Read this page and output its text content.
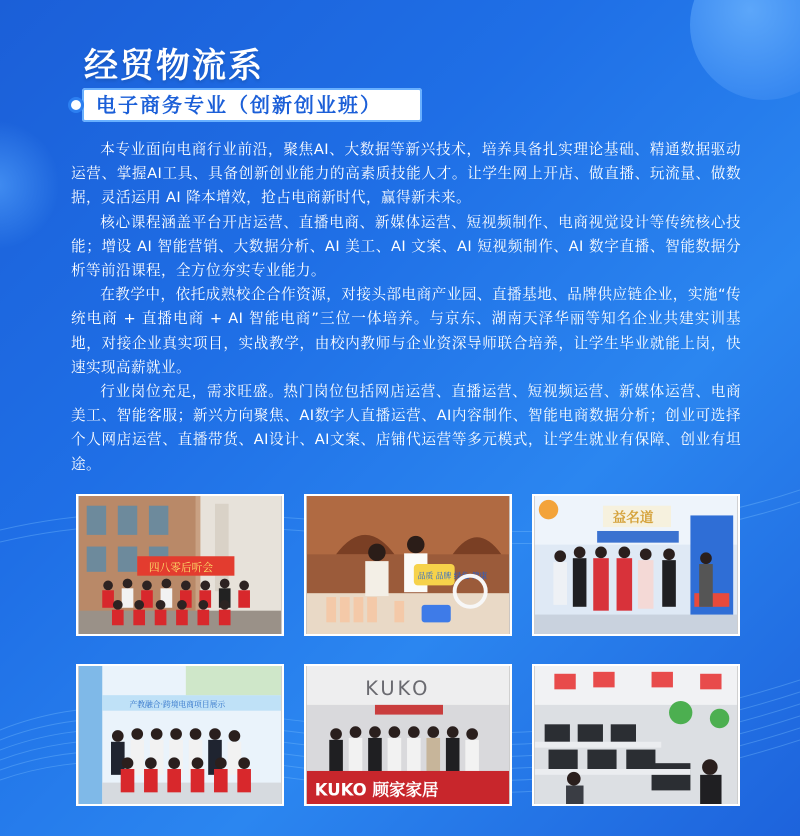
经贸物流系
电子商务专业（创新创业班）

本专业面向电商行业前沿，聚焦AI、大数据等新兴技术，培养具备扎实理论基础、精通数据驱动运营、掌握AI工具、具备创新创业能力的高素质技能人才。让学生网上开店、做直播、玩流量、做数据，灵活运用 AI 降本增效，抢占电商新时代，赢得新未来。

核心课程涵盖平台开店运营、直播电商、新媒体运营、短视频制作、电商视觉设计等传统核心技能；增设 AI 智能营销、大数据分析、AI 美工、AI 文案、AI 短视频制作、AI 数字直播、智能数据分析等前沿课程，全方位夯实专业能力。

在教学中，依托成熟校企合作资源，对接头部电商产业园、直播基地、品牌供应链企业，实施“传统电商 + 直播电商 + AI 智能电商”三位一体培养。与京东、湖南天泽华丽等知名企业共建实训基地，对接企业真实项目，实战教学，由校内教师与企业资深导师联合培养，让学生毕业就能上岗，快速实现高薪就业。

行业岗位充足，需求旺盛。热门岗位包括网店运营、直播运营、短视频运营、新媒体运营、电商美工、智能客服；新兴方向聚焦、AI数字人直播运营、AI内容制作、智能电商数据分析；创业可选择个人网店运营、直播带货、AI设计、AI文案、店铺代运营等多元模式，让学生就业有保障、创业有坦途。

四八零后听会
品质 品牌 绿色 健康
益名道
产教融合·跨境电商项目展示
KUKO
KUKO 顾家家居
